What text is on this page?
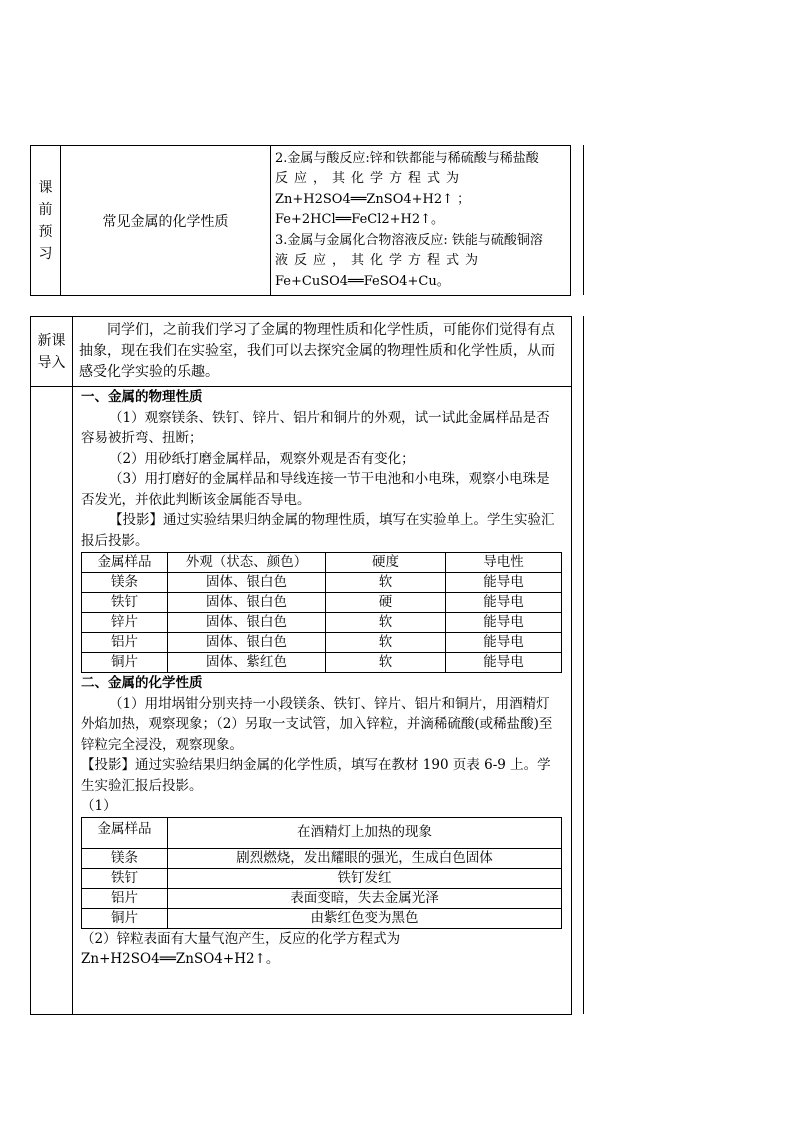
课
前
预
习	常见金属的化学性质	
2.金属与酸反应:锌和铁都能与稀硫酸与稀盐酸
反应，其化学方程式为
Zn+H2SO4══ZnSO4+H2↑ ；
Fe+2HCl══FeCl2+H2↑。
3.金属与金属化合物溶液反应: 铁能与硫酸铜溶
液反应，其化学方程式为
Fe+CuSO4══FeSO4+Cu。
新课
导入	

同学们，之前我们学习了金属的物理性质和化学性质，可能你们觉得有点抽象，现在我们在实验室，我们可以去探究金属的物理性质和化学性质，从而感受化学实验的乐趣。

一、金属的物理性质

（1）观察镁条、铁钉、锌片、铝片和铜片的外观，试一试此金属样品是否容易被折弯、扭断；

（2）用砂纸打磨金属样品，观察外观是否有变化；

（3）用打磨好的金属样品和导线连接一节干电池和小电珠，观察小电珠是否发光，并依此判断该金属能否导电。

【投影】通过实验结果归纳金属的物理性质，填写在实验单上。学生实验汇报后投影。

金属样品	外观（状态、颜色）	硬度	导电性
镁条	固体、银白色	软	能导电
铁钉	固体、银白色	硬	能导电
锌片	固体、银白色	软	能导电
铝片	固体、银白色	软	能导电
铜片	固体、紫红色	软	能导电

二、金属的化学性质

（1）用坩埚钳分别夹持一小段镁条、铁钉、锌片、铝片和铜片，用酒精灯外焰加热，观察现象；（2）另取一支试管，加入锌粒，并滴稀硫酸(或稀盐酸)至锌粒完全浸没，观察现象。

【投影】通过实验结果归纳金属的化学性质，填写在教材 190 页表 6-9 上。学生实验汇报后投影。

（1）

金属样品	在酒精灯上加热的现象
镁条	剧烈燃烧，发出耀眼的强光，生成白色固体
铁钉	铁钉发红
铝片	表面变暗，失去金属光泽
铜片	由紫红色变为黑色

（2）锌粒表面有大量气泡产生，反应的化学方程式为 Zn+H2SO4══ZnSO4+H2↑。
